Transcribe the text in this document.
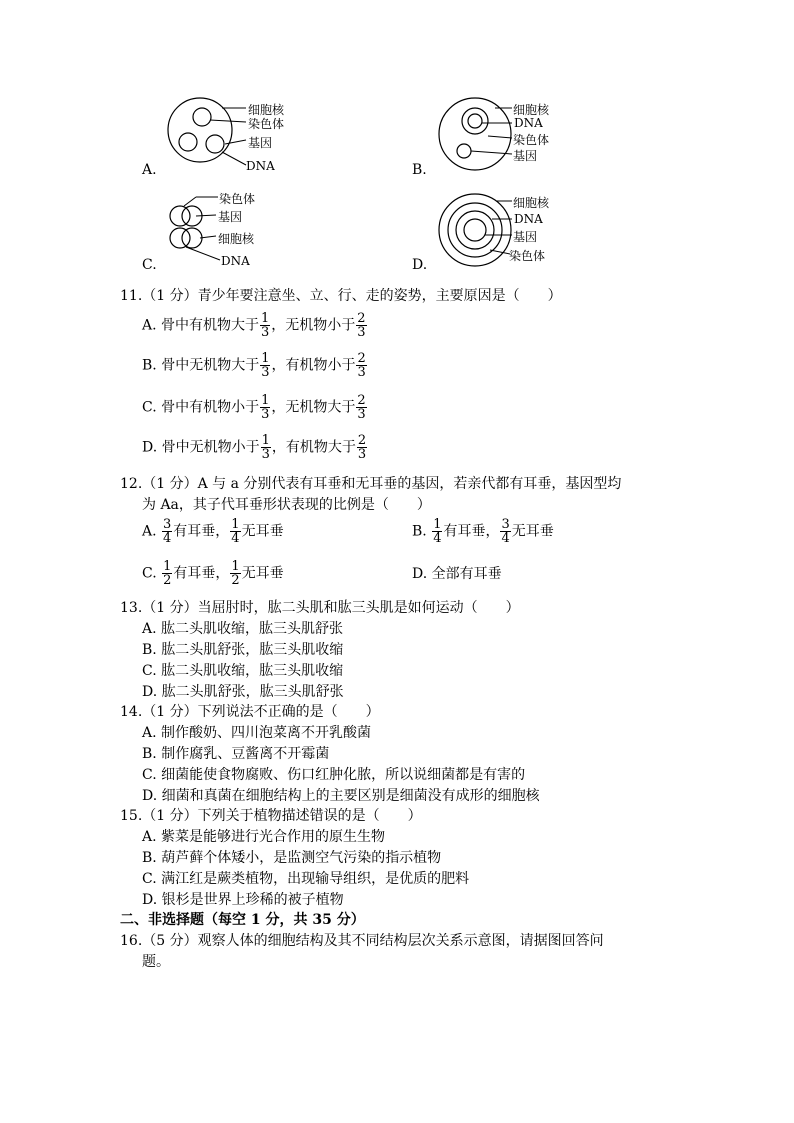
细胞核
染色体
基因
DNA
A.
细胞核
DNA
染色体
基因
B.
染色体
基因
细胞核
DNA
C.
细胞核
DNA
基因
染色体
D.
11.（1 分）青少年要注意坐、立、行、走的姿势，主要原因是（　　）
A. 骨中有机物大于 $\frac{1}{3}$ ，无机物小于 $\frac{2}{3}$
B. 骨中无机物大于 $\frac{1}{3}$ ，有机物小于 $\frac{2}{3}$
C. 骨中有机物小于 $\frac{1}{3}$ ，无机物大于 $\frac{2}{3}$
D. 骨中无机物小于 $\frac{1}{3}$ ，有机物大于 $\frac{2}{3}$
12.（1 分）A 与 a 分别代表有耳垂和无耳垂的基因，若亲代都有耳垂，基因型均
为 Aa，其子代耳垂形状表现的比例是（　　）
A. $\frac{3}{4}$ 有耳垂， $\frac{1}{4}$ 无耳垂	B. $\frac{1}{4}$ 有耳垂， $\frac{3}{4}$ 无耳垂
C. $\frac{1}{2}$ 有耳垂， $\frac{1}{2}$ 无耳垂	D. 全部有耳垂
13.（1 分）当屈肘时，肱二头肌和肱三头肌是如何运动（　　）
A. 肱二头肌收缩，肱三头肌舒张
B. 肱二头肌舒张，肱三头肌收缩
C. 肱二头肌收缩，肱三头肌收缩
D. 肱二头肌舒张，肱三头肌舒张
14.（1 分）下列说法不正确的是（　　）
A. 制作酸奶、四川泡菜离不开乳酸菌
B. 制作腐乳、豆酱离不开霉菌
C. 细菌能使食物腐败、伤口红肿化脓，所以说细菌都是有害的
D. 细菌和真菌在细胞结构上的主要区别是细菌没有成形的细胞核
15.（1 分）下列关于植物描述错误的是（　　）
A. 紫菜是能够进行光合作用的原生生物
B. 葫芦藓个体矮小，是监测空气污染的指示植物
C. 满江红是蕨类植物，出现输导组织，是优质的肥料
D. 银杉是世界上珍稀的被子植物
二、非选择题（每空 1 分，共 35 分）
16.（5 分）观察人体的细胞结构及其不同结构层次关系示意图，请据图回答问
题。
